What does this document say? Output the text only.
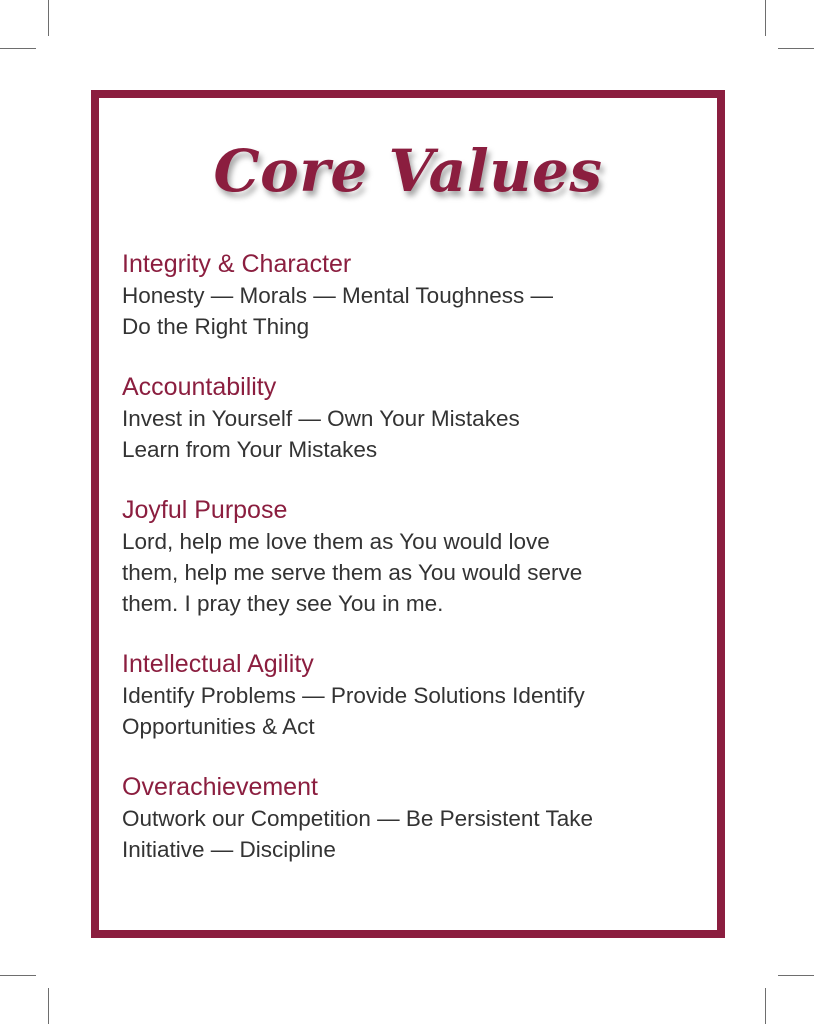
Core Values

Integrity & Character

Honesty — Morals — Mental Toughness —

Do the Right Thing

Accountability

Invest in Yourself — Own Your Mistakes

Learn from Your Mistakes

Joyful Purpose

Lord, help me love them as You would love

them, help me serve them as You would serve

them. I pray they see You in me.

Intellectual Agility

Identify Problems — Provide Solutions Identify

Opportunities & Act

Overachievement

Outwork our Competition — Be Persistent Take

Initiative — Discipline
